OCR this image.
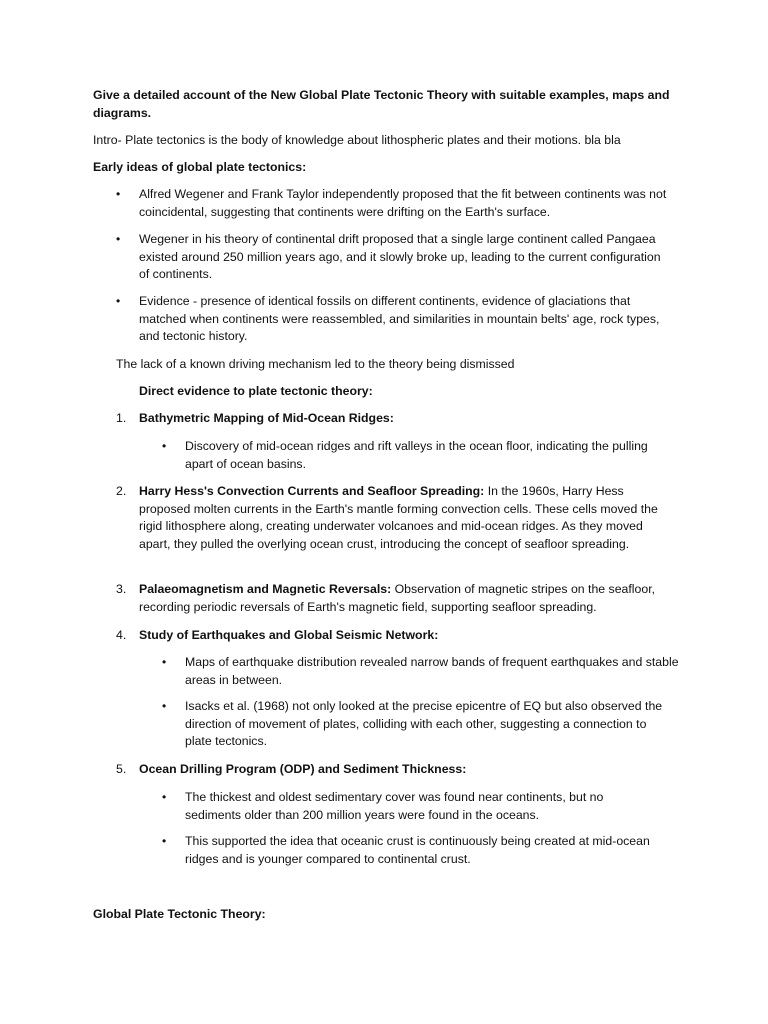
Give a detailed account of the New Global Plate Tectonic Theory with suitable examples, maps and diagrams.

Intro- Plate tectonics is the body of knowledge about lithospheric plates and their motions. bla bla

Early ideas of global plate tectonics:

• Alfred Wegener and Frank Taylor independently proposed that the fit between continents was not coincidental, suggesting that continents were drifting on the Earth's surface.

• Wegener in his theory of continental drift proposed that a single large continent called Pangaea existed around 250 million years ago, and it slowly broke up, leading to the current configuration of continents.

• Evidence - presence of identical fossils on different continents, evidence of glaciations that matched when continents were reassembled, and similarities in mountain belts' age, rock types, and tectonic history.

The lack of a known driving mechanism led to the theory being dismissed

Direct evidence to plate tectonic theory:

1. Bathymetric Mapping of Mid-Ocean Ridges:

• Discovery of mid-ocean ridges and rift valleys in the ocean floor, indicating the pulling apart of ocean basins.

2. Harry Hess's Convection Currents and Seafloor Spreading: In the 1960s, Harry Hess proposed molten currents in the Earth's mantle forming convection cells. These cells moved the rigid lithosphere along, creating underwater volcanoes and mid-ocean ridges. As they moved apart, they pulled the overlying ocean crust, introducing the concept of seafloor spreading.

3. Palaeomagnetism and Magnetic Reversals: Observation of magnetic stripes on the seafloor, recording periodic reversals of Earth's magnetic field, supporting seafloor spreading.

4. Study of Earthquakes and Global Seismic Network:

• Maps of earthquake distribution revealed narrow bands of frequent earthquakes and stable areas in between.

• Isacks et al. (1968) not only looked at the precise epicentre of EQ but also observed the direction of movement of plates, colliding with each other, suggesting a connection to plate tectonics.

5. Ocean Drilling Program (ODP) and Sediment Thickness:

• The thickest and oldest sedimentary cover was found near continents, but no sediments older than 200 million years were found in the oceans.

• This supported the idea that oceanic crust is continuously being created at mid-ocean ridges and is younger compared to continental crust.

Global Plate Tectonic Theory:
